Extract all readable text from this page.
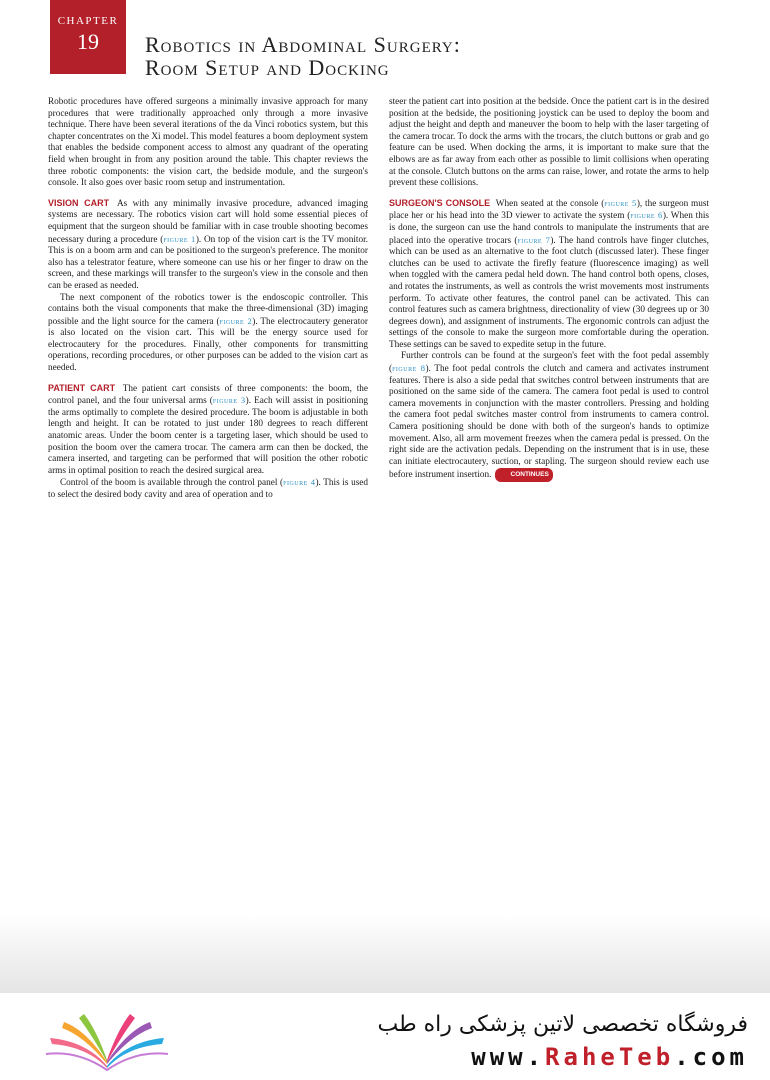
CHAPTER
19	Robotics in Abdominal Surgery:
Room Setup and Docking

Robotic procedures have offered surgeons a minimally invasive approach for many procedures that were traditionally approached only through a more invasive technique. There have been several iterations of the da Vinci robotics system, but this chapter concentrates on the Xi model. This model features a boom deployment system that enables the bedside component access to almost any quadrant of the operating field when brought in from any position around the table. This chapter reviews the three robotic components: the vision cart, the bedside module, and the surgeon's console. It also goes over basic room setup and instrumentation.

VISION CART As with any minimally invasive procedure, advanced imaging systems are necessary. The robotics vision cart will hold some essential pieces of equipment that the surgeon should be familiar with in case trouble shooting becomes necessary during a procedure (figure 1). On top of the vision cart is the TV monitor. This is on a boom arm and can be positioned to the surgeon's preference. The monitor also has a telestrator feature, where someone can use his or her finger to draw on the screen, and these markings will transfer to the surgeon's view in the console and then can be erased as needed.

The next component of the robotics tower is the endoscopic controller. This contains both the visual components that make the three-dimensional (3D) imaging possible and the light source for the camera (figure 2). The electrocautery generator is also located on the vision cart. This will be the energy source used for electrocautery for the procedures. Finally, other components for transmitting operations, recording procedures, or other purposes can be added to the vision cart as needed.

PATIENT CART The patient cart consists of three components: the boom, the control panel, and the four universal arms (figure 3). Each will assist in positioning the arms optimally to complete the desired procedure. The boom is adjustable in both length and height. It can be rotated to just under 180 degrees to reach different anatomic areas. Under the boom center is a targeting laser, which should be used to position the boom over the camera trocar. The camera arm can then be docked, the camera inserted, and targeting can be performed that will position the other robotic arms in optimal position to reach the desired surgical area.

Control of the boom is available through the control panel (figure 4). This is used to select the desired body cavity and area of operation and to

steer the patient cart into position at the bedside. Once the patient cart is in the desired position at the bedside, the positioning joystick can be used to deploy the boom and adjust the height and depth and maneuver the boom to help with the laser targeting of the camera trocar. To dock the arms with the trocars, the clutch buttons or grab and go feature can be used. When docking the arms, it is important to make sure that the elbows are as far away from each other as possible to limit collisions when operating at the console. Clutch buttons on the arms can raise, lower, and rotate the arms to help prevent these collisions.

SURGEON'S CONSOLE When seated at the console (figure 5), the surgeon must place her or his head into the 3D viewer to activate the system (figure 6). When this is done, the surgeon can use the hand controls to manipulate the instruments that are placed into the operative trocars (figure 7). The hand controls have finger clutches, which can be used as an alternative to the foot clutch (discussed later). These finger clutches can be used to activate the firefly feature (fluorescence imaging) as well when toggled with the camera pedal held down. The hand control both opens, closes, and rotates the instruments, as well as controls the wrist movements most instruments perform. To activate other features, the control panel can be activated. This can control features such as camera brightness, directionality of view (30 degrees up or 30 degrees down), and assignment of instruments. The ergonomic controls can adjust the settings of the console to make the surgeon more comfortable during the operation. These settings can be saved to expedite setup in the future.

Further controls can be found at the surgeon's feet with the foot pedal assembly (figure 8). The foot pedal controls the clutch and camera and activates instrument features. There is also a side pedal that switches control between instruments that are positioned on the same side of the camera. The camera foot pedal is used to control camera movements in conjunction with the master controllers. Pressing and holding the camera foot pedal switches master control from instruments to camera control. Camera positioning should be done with both of the surgeon's hands to optimize movement. Also, all arm movement freezes when the camera pedal is pressed. On the right side are the activation pedals. Depending on the instrument that is in use, these can initiate electrocautery, suction, or stapling. The surgeon should review each use before instrument insertion.	CONTINUES

فروشگاه تخصصی لاتین پزشکی راه طب
www.RaheTeb.com
